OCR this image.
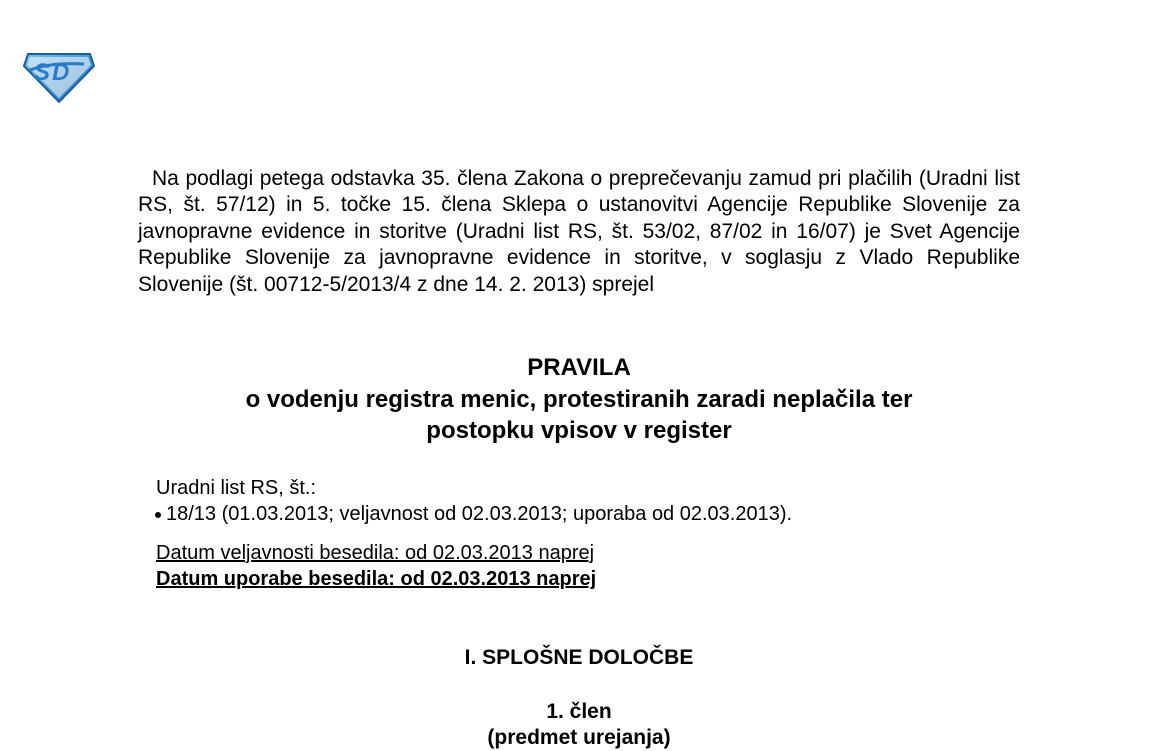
S D

Na podlagi petega odstavka 35. člena Zakona o preprečevanju zamud pri plačilih (Uradni list RS, št. 57/12) in 5. točke 15. člena Sklepa o ustanovitvi Agencije Republike Slovenije za javnopravne evidence in storitve (Uradni list RS, št. 53/02, 87/02 in 16/07) je Svet Agencije Republike Slovenije za javnopravne evidence in storitve, v soglasju z Vlado Republike Slovenije (št. 00712-5/2013/4 z dne 14. 2. 2013) sprejel

PRAVILA
o vodenju registra menic, protestiranih zaradi neplačila ter
postopku vpisov v register
Uradni list RS, št.:
18/13 (01.03.2013; veljavnost od 02.03.2013; uporaba od 02.03.2013).
Datum veljavnosti besedila: od 02.03.2013 naprej
Datum uporabe besedila: od 02.03.2013 naprej
I. SPLOŠNE DOLOČBE
1. člen
(predmet urejanja)
